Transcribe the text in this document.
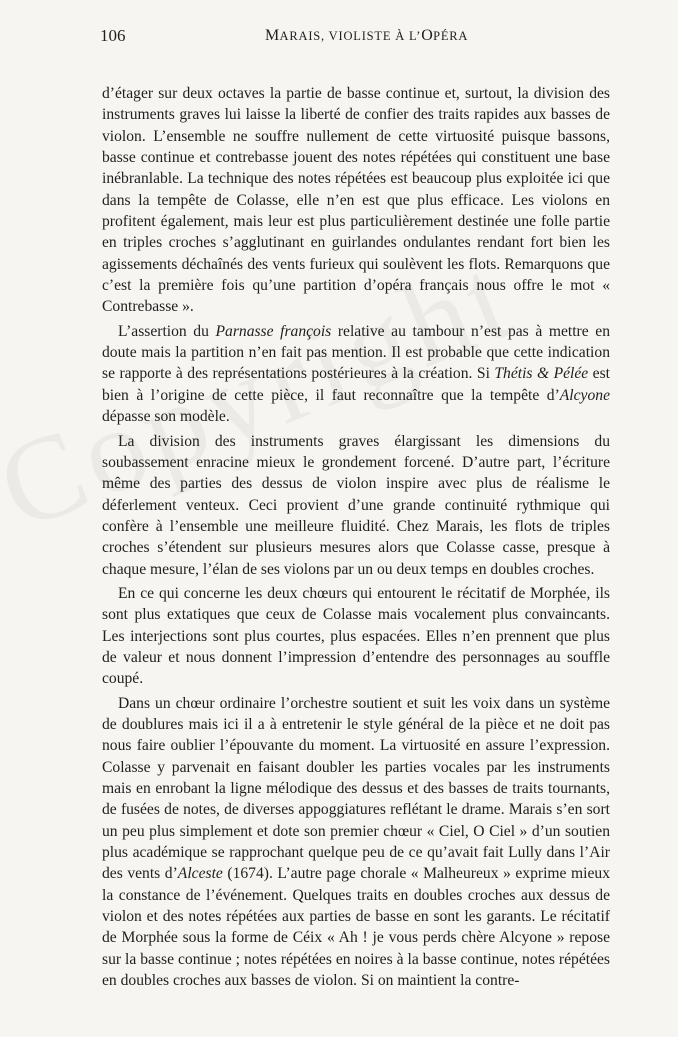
106	MARAIS, VIOLISTE À L’OPÉRA

d’étager sur deux octaves la partie de basse continue et, surtout, la division des instruments graves lui laisse la liberté de confier des traits rapides aux basses de violon. L’ensemble ne souffre nullement de cette virtuosité puisque bassons, basse continue et contrebasse jouent des notes répétées qui constituent une base inébranlable. La technique des notes répétées est beaucoup plus exploitée ici que dans la tempête de Colasse, elle n’en est que plus efficace. Les violons en profitent également, mais leur est plus particulièrement destinée une folle partie en triples croches s’agglutinant en guirlandes ondulantes rendant fort bien les agissements déchaînés des vents furieux qui soulèvent les flots. Remarquons que c’est la première fois qu’une partition d’opéra français nous offre le mot « Contrebasse ».

L’assertion du Parnasse françois relative au tambour n’est pas à mettre en doute mais la partition n’en fait pas mention. Il est probable que cette indication se rapporte à des représentations postérieures à la création. Si Thétis & Pélée est bien à l’origine de cette pièce, il faut reconnaître que la tempête d’Alcyone dépasse son modèle.

La division des instruments graves élargissant les dimensions du soubassement enracine mieux le grondement forcené. D’autre part, l’écriture même des parties des dessus de violon inspire avec plus de réalisme le déferlement venteux. Ceci provient d’une grande continuité rythmique qui confère à l’ensemble une meilleure fluidité. Chez Marais, les flots de triples croches s’étendent sur plusieurs mesures alors que Colasse casse, presque à chaque mesure, l’élan de ses violons par un ou deux temps en doubles croches.

En ce qui concerne les deux chœurs qui entourent le récitatif de Morphée, ils sont plus extatiques que ceux de Colasse mais vocalement plus convaincants. Les interjections sont plus courtes, plus espacées. Elles n’en prennent que plus de valeur et nous donnent l’impression d’entendre des personnages au souffle coupé.

Dans un chœur ordinaire l’orchestre soutient et suit les voix dans un système de doublures mais ici il a à entretenir le style général de la pièce et ne doit pas nous faire oublier l’épouvante du moment. La virtuosité en assure l’expression. Colasse y parvenait en faisant doubler les parties vocales par les instruments mais en enrobant la ligne mélodique des dessus et des basses de traits tournants, de fusées de notes, de diverses appoggiatures reflétant le drame. Marais s’en sort un peu plus simplement et dote son premier chœur « Ciel, O Ciel » d’un soutien plus académique se rapprochant quelque peu de ce qu’avait fait Lully dans l’Air des vents d’Alceste (1674). L’autre page chorale « Malheureux » exprime mieux la constance de l’événement. Quelques traits en doubles croches aux dessus de violon et des notes répétées aux parties de basse en sont les garants. Le récitatif de Morphée sous la forme de Céix « Ah ! je vous perds chère Alcyone » repose sur la basse continue ; notes répétées en noires à la basse continue, notes répétées en doubles croches aux basses de violon. Si on maintient la contre-
